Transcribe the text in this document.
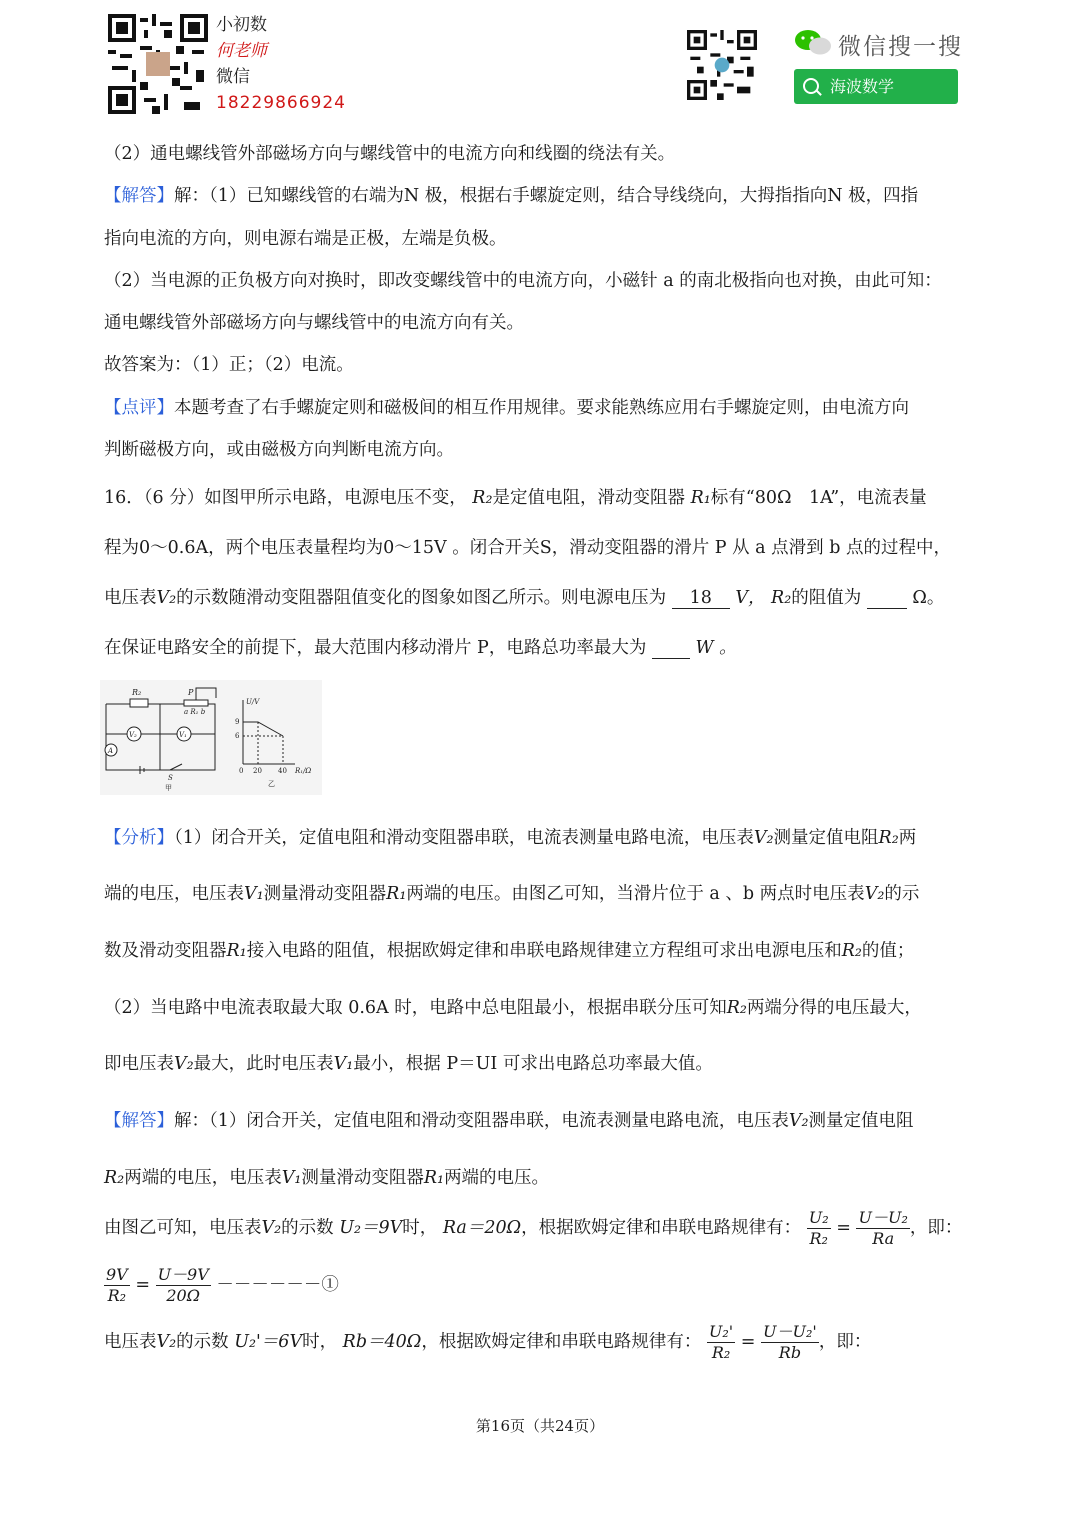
小初数
何老师
微信
18229866924
微信搜一搜
海波数学
（2）通电螺线管外部磁场方向与螺线管中的电流方向和线圈的绕法有关。
【解答】解：（1）已知螺线管的右端为N 极，根据右手螺旋定则，结合导线绕向，大拇指指向N 极，四指
指向电流的方向，则电源右端是正极，左端是负极。
（2）当电源的正负极方向对换时，即改变螺线管中的电流方向，小磁针 a 的南北极指向也对换，由此可知：
通电螺线管外部磁场方向与螺线管中的电流方向有关。
故答案为：（1）正；（2）电流。
【点评】本题考查了右手螺旋定则和磁极间的相互作用规律。要求能熟练应用右手螺旋定则，由电流方向
判断磁极方向，或由磁极方向判断电流方向。
16．（6 分）如图甲所示电路，电源电压不变， R₂是定值电阻，滑动变阻器 R₁标有“80Ω　1A”，电流表量
程为0～0.6A，两个电压表量程均为0～15V 。闭合开关S，滑动变阻器的滑片 P 从 a 点滑到 b 点的过程中，
电压表V₂的示数随滑动变阻器阻值变化的图象如图乙所示。则电源电压为 18 V， R₂的阻值为	Ω。
在保证电路安全的前提下，最大范围内移动滑片 P，电路总功率最大为	W 。
R₂	P
a R₁ b
V₂	V₁
A
S
甲
U/V
9
6
0 20 40 R₁/Ω
乙
【分析】（1）闭合开关，定值电阻和滑动变阻器串联，电流表测量电路电流，电压表V₂测量定值电阻R₂两
端的电压，电压表V₁测量滑动变阻器R₁两端的电压。由图乙可知，当滑片位于 a 、b 两点时电压表V₂的示
数及滑动变阻器R₁接入电路的阻值，根据欧姆定律和串联电路规律建立方程组可求出电源电压和R₂的值；
（2）当电路中电流表取最大取 0.6A 时，电路中总电阻最小，根据串联分压可知R₂两端分得的电压最大，
即电压表V₂最大，此时电压表V₁最小，根据 P＝UI 可求出电路总功率最大值。
【解答】解：（1）闭合开关，定值电阻和滑动变阻器串联，电流表测量电路电流，电压表V₂测量定值电阻
R₂两端的电压，电压表V₁测量滑动变阻器R₁两端的电压。
由图乙可知，电压表V₂的示数 U₂＝9V时， Ra＝20Ω，根据欧姆定律和串联电路规律有： $\frac{\text{U₂}}{\text{R₂}} = \frac{\text{U－U₂}}{Ra}$ ，即：
$\frac{9V}{\text{R₂}} = \frac{U-9V}{20\Omega}$ －－－－－－①
电压表V₂的示数 U₂'＝6V时， Rb＝40Ω，根据欧姆定律和串联电路规律有： $\frac{\text{U₂'}}{\text{R₂}} = \frac{\text{U－U₂'}}{Rb}$ ，即：
第16页（共24页）
